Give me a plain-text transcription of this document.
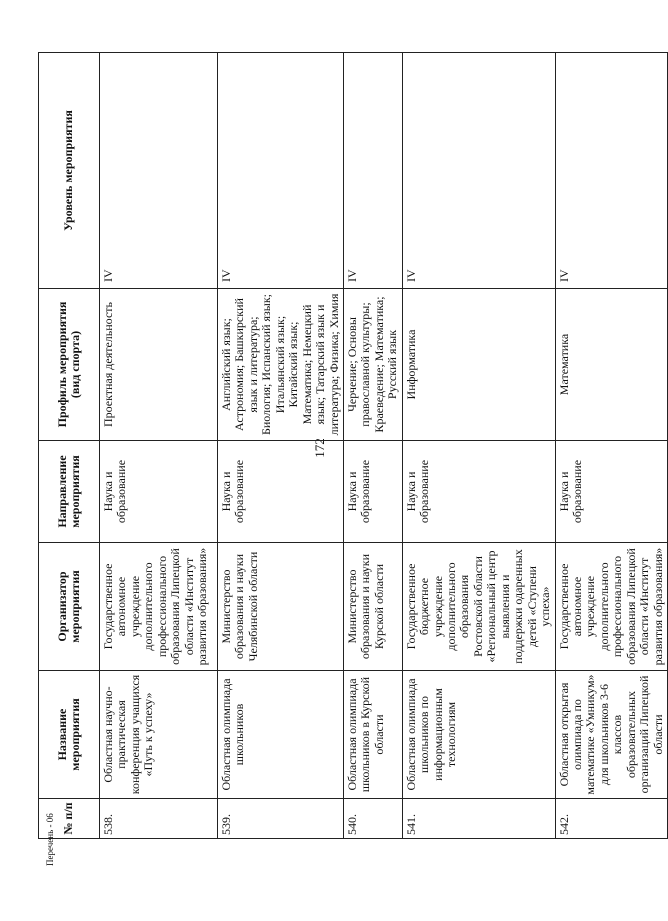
172
№ п/п	Название мероприятия	Организатор мероприятия	Направление мероприятия	Профиль мероприятия (вид спорта)	Уровень мероприятия
538.	Областная научно-практическая конференция учащихся «Путь к успеху»	Государственное автономное учреждение дополнительного профессионального образования Липецкой области «Институт развития образования»	Наука и образование	Проектная деятельность	IV
539.	Областная олимпиада школьников	Министерство образования и науки Челябинской области	Наука и образование	Английский язык; Астрономия; Башкирский язык и литература; Биология; Испанский язык; Итальянский язык; Китайский язык; Математика; Немецкий язык; Татарский язык и литература; Физика; Химия	IV
540.	Областная олимпиада школьников в Курской области	Министерство образования и науки Курской области	Наука и образование	Черчение; Основы православной культуры; Краеведение; Математика; Русский язык	IV
541.	Областная олимпиада школьников по информационным технологиям	Государственное бюджетное учреждение дополнительного образования Ростовской области «Региональный центр выявления и поддержки одаренных детей «Ступени успеха»	Наука и образование	Информатика	IV
542.	Областная открытая олимпиада по математике «Умникум» для школьников 3-6 классов образовательных организаций Липецкой области	Государственное автономное учреждение дополнительного профессионального образования Липецкой области «Институт развития образования»	Наука и образование	Математика	IV
Перечень - 06
